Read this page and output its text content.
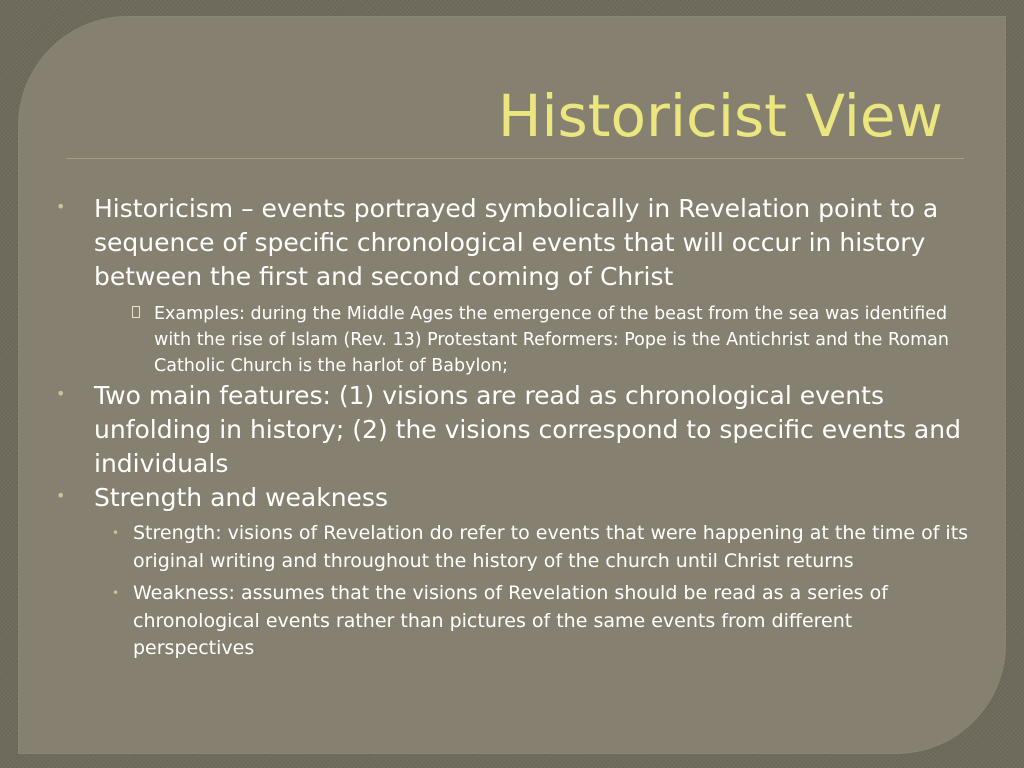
Historicist View
• Historicism – events portrayed symbolically in Revelation point to a sequence of specific chronological events that will occur in history between the first and second coming of Christ
Examples: during the Middle Ages the emergence of the beast from the sea was identified with the rise of Islam (Rev. 13) Protestant Reformers: Pope is the Antichrist and the Roman Catholic Church is the harlot of Babylon;
• Two main features: (1) visions are read as chronological events unfolding in history; (2) the visions correspond to specific events and individuals
• Strength and weakness
• Strength: visions of Revelation do refer to events that were happening at the time of its original writing and throughout the history of the church until Christ returns
• Weakness: assumes that the visions of Revelation should be read as a series of chronological events rather than pictures of the same events from different perspectives
